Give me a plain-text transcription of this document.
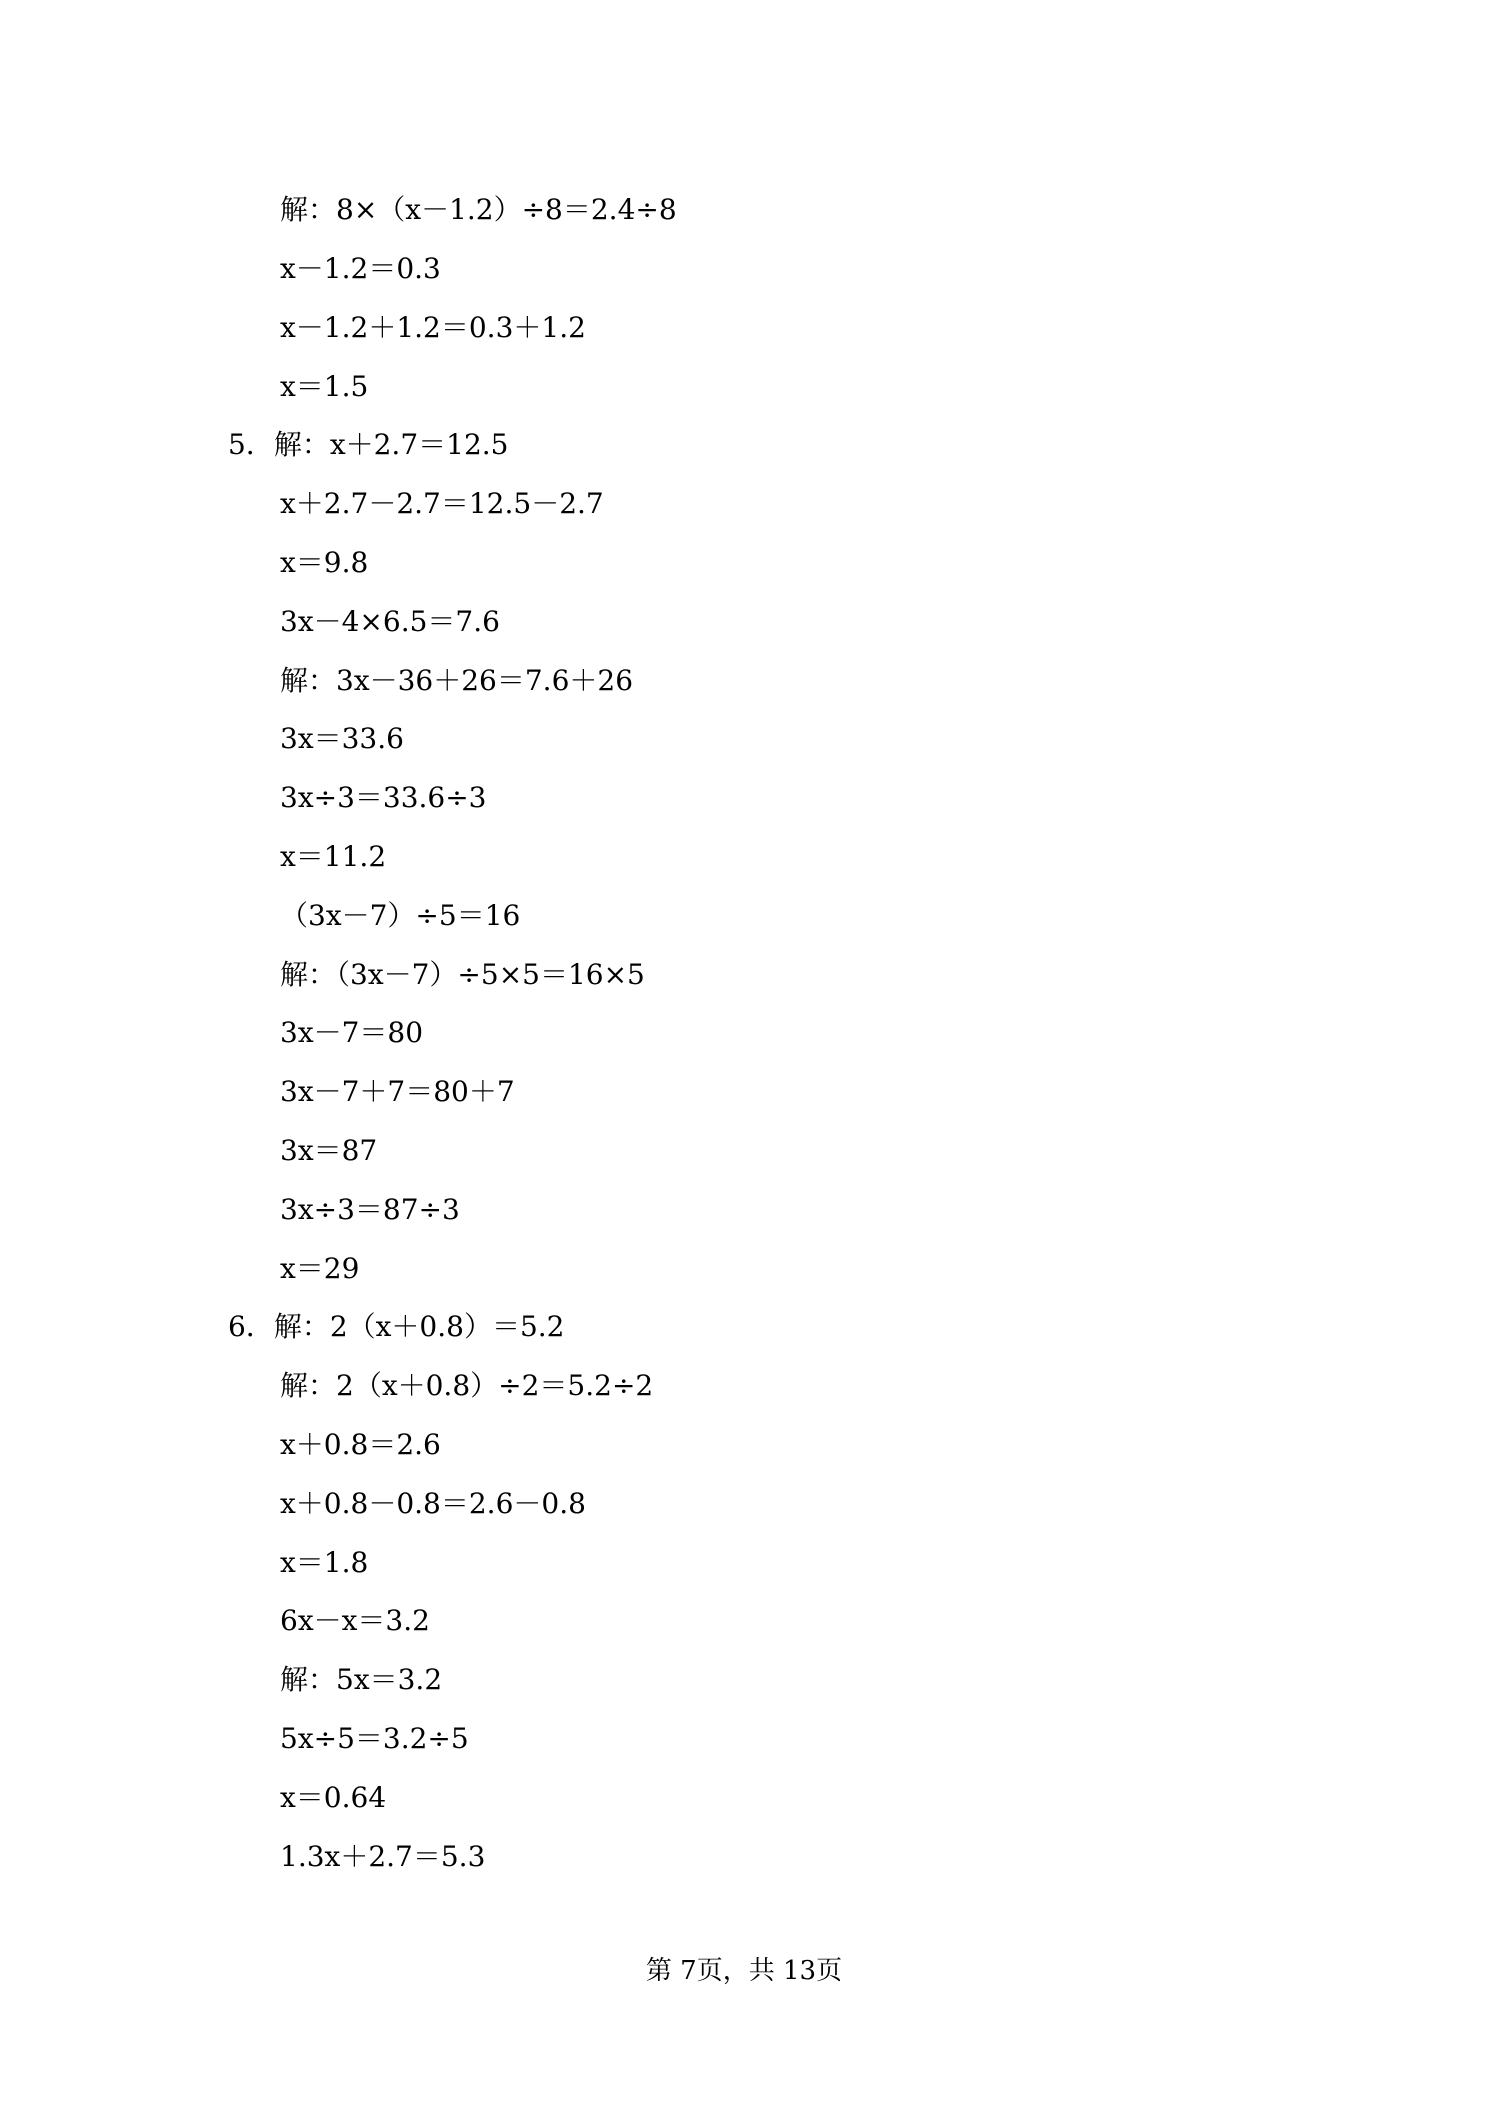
解：8×（x－1.2）÷8＝2.4÷8
x－1.2＝0.3
x－1.2＋1.2＝0.3＋1.2
x＝1.5
5．解：x＋2.7＝12.5
x＋2.7－2.7＝12.5－2.7
x＝9.8
3x－4×6.5＝7.6
解：3x－36＋26＝7.6＋26
3x＝33.6
3x÷3＝33.6÷3
x＝11.2
（3x－7）÷5＝16
解：（3x－7）÷5×5＝16×5
3x－7＝80
3x－7＋7＝80＋7
3x＝87
3x÷3＝87÷3
x＝29
6．解：2（x＋0.8）＝5.2
解：2（x＋0.8）÷2＝5.2÷2
x＋0.8＝2.6
x＋0.8－0.8＝2.6－0.8
x＝1.8
6x－x＝3.2
解：5x＝3.2
5x÷5＝3.2÷5
x＝0.64
1.3x＋2.7＝5.3
第 7页，共 13页
